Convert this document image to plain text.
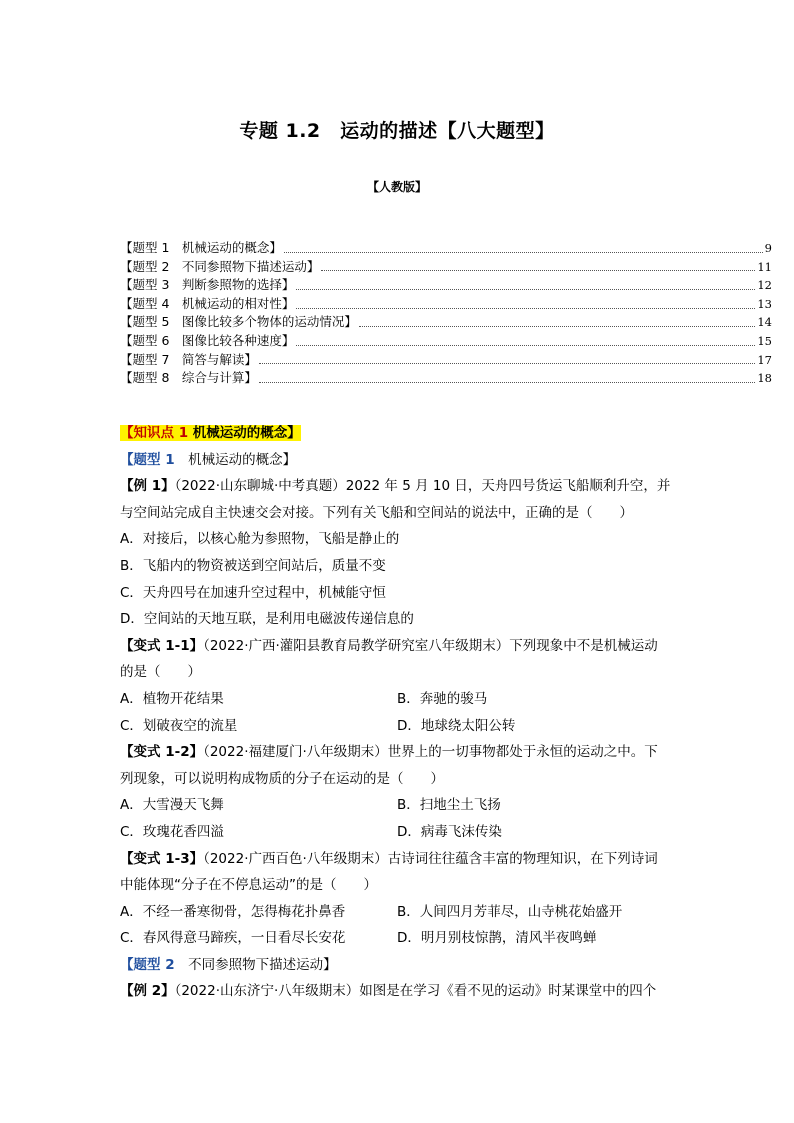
专题 1.2　运动的描述【八大题型】
【人教版】
【题型 1　机械运动的概念】	9
【题型 2　不同参照物下描述运动】	11
【题型 3　判断参照物的选择】	12
【题型 4　机械运动的相对性】	13
【题型 5　图像比较多个物体的运动情况】	14
【题型 6　图像比较各种速度】	15
【题型 7　简答与解读】	17
【题型 8　综合与计算】	18
【知识点 1 机械运动的概念】
【题型 1　 机械运动的概念】
【例 1】（2022·山东聊城·中考真题）2022 年 5 月 10 日，天舟四号货运飞船顺利升空，并
与空间站完成自主快速交会对接。下列有关飞船和空间站的说法中，正确的是（　　）
A．对接后，以核心舱为参照物，飞船是静止的
B．飞船内的物资被送到空间站后，质量不变
C．天舟四号在加速升空过程中，机械能守恒
D．空间站的天地互联，是利用电磁波传递信息的
【变式 1-1】（2022·广西·灌阳县教育局教学研究室八年级期末）下列现象中不是机械运动
的是（　　）
A．植物开花结果	B．奔驰的骏马
C．划破夜空的流星	D．地球绕太阳公转
【变式 1-2】（2022·福建厦门·八年级期末）世界上的一切事物都处于永恒的运动之中。下
列现象，可以说明构成物质的分子在运动的是（　　）
A．大雪漫天飞舞	B．扫地尘土飞扬
C．玫瑰花香四溢	D．病毒飞沫传染
【变式 1-3】（2022·广西百色·八年级期末）古诗词往往蕴含丰富的物理知识，在下列诗词
中能体现“分子在不停息运动”的是（　　）
A．不经一番寒彻骨，怎得梅花扑鼻香	B．人间四月芳菲尽，山寺桃花始盛开
C．春风得意马蹄疾，一日看尽长安花	D．明月别枝惊鹊，清风半夜鸣蝉
【题型 2　 不同参照物下描述运动】
【例 2】（2022·山东济宁·八年级期末）如图是在学习《看不见的运动》时某课堂中的四个
